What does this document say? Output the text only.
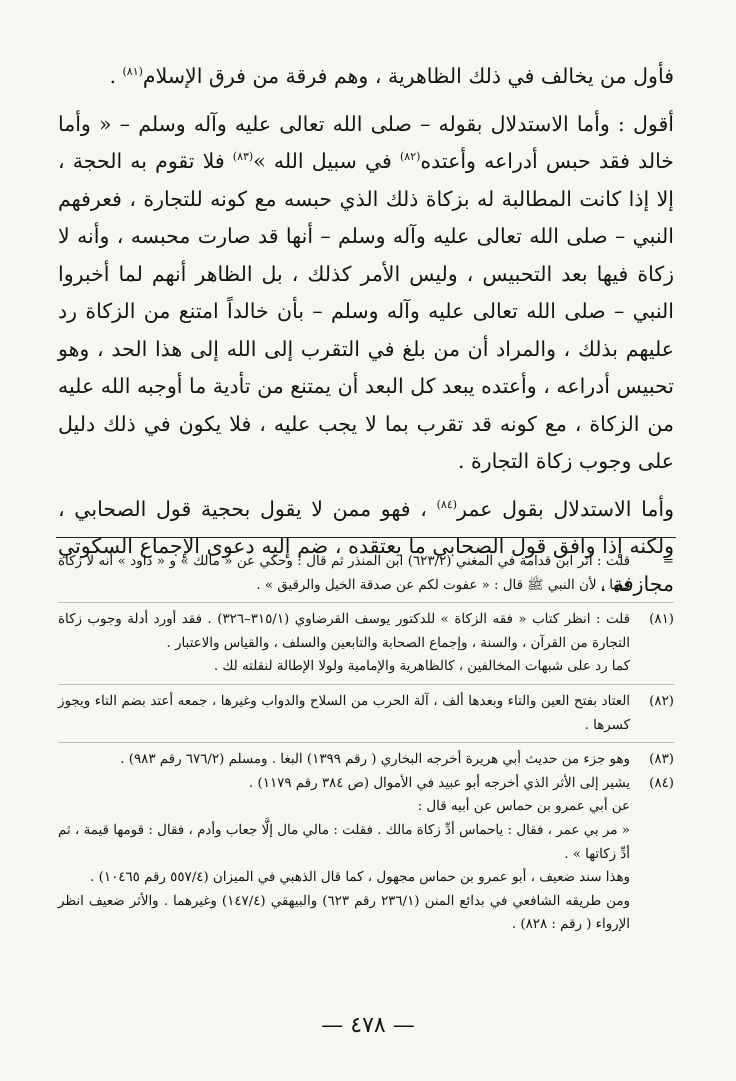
فأول من يخالف في ذلك الظاهرية ، وهم فرقة من فرق الإسلام$^{(٨١)}$ .

أقول : وأما الاستدلال بقوله – صلى الله تعالى عليه وآله وسلم – « وأما خالد فقد حبس أدراعه وأعتده$^{(٨٢)}$ في سبيل الله »$^{(٨٣)}$ فلا تقوم به الحجة ، إلا إذا كانت المطالبة له بزكاة ذلك الذي حبسه مع كونه للتجارة ، فعرفهم النبي – صلى الله تعالى عليه وآله وسلم – أنها قد صارت محبسه ، وأنه لا زكاة فيها بعد التحبيس ، وليس الأمر كذلك ، بل الظاهر أنهم لما أخبروا النبي – صلى الله تعالى عليه وآله وسلم – بأن خالداً امتنع من الزكاة رد عليهم بذلك ، والمراد أن من بلغ في التقرب إلى الله إلى هذا الحد ، وهو تحبيس أدراعه ، وأعتده يبعد كل البعد أن يمتنع من تأدية ما أوجبه الله عليه من الزكاة ، مع كونه قد تقرب بما لا يجب عليه ، فلا يكون في ذلك دليل على وجوب زكاة التجارة .

وأما الاستدلال بقول عمر$^{(٨٤)}$ ، فهو ممن لا يقول بحجية قول الصحابي ، ولكنه إذا وافق قول الصحابي ما يعتقده ، ضم إليه دعوى الإجماع السكوتي مجازفة .

=
قلت : أثر ابن قدامة في المغني (٦٢٣/٢) ابن المنذر ثم قال : وحكي عن « مالك » و « داود » أنه لا زكاة فيها ، لأن النبي ﷺ قال : « عفوت لكم عن صدقة الخيل والرقيق » .
(٨١)
قلت : انظر كتاب « فقه الزكاة » للدكتور يوسف القرضاوي (٣١٥/١–٣٢٦) . فقد أورد أدلة وجوب زكاة التجارة من القرآن ، والسنة ، وإجماع الصحابة والتابعين والسلف ، والقياس والاعتبار .
كما رد على شبهات المخالفين ، كالظاهرية والإمامية ولولا الإطالة لنقلته لك .
(٨٢)
العتاد بفتح العين والتاء وبعدها ألف ، آلة الحرب من السلاح والدواب وغيرها ، جمعه أعتد بضم التاء ويجوز كسرها .
(٨٣)
وهو جزء من حديث أبي هريرة أخرجه البخاري ( رقم ١٣٩٩) البغا . ومسلم (٦٧٦/٢ رقم ٩٨٣) .
(٨٤)
يشير إلى الأثر الذي أخرجه أبو عبيد في الأموال (ص ٣٨٤ رقم ١١٧٩) .
عن أبي عمرو بن حماس عن أبيه قال :
« مر بي عمر ، فقال : ياحماس أدِّ زكاة مالك . فقلت : مالي مال إلَّا جعاب وأدم ، فقال : قومها قيمة ، ثم أدِّ زكاتها » .
وهذا سند ضعيف ، أبو عمرو بن حماس مجهول ، كما قال الذهبي في الميزان (٥٥٧/٤ رقم ١٠٤٦٥) .
ومن طريقه الشافعي في بدائع المنن (٢٣٦/١ رقم ٦٢٣) والبيهقي (١٤٧/٤) وغيرهما . والأثر ضعيف انظر الإرواء ( رقم : ٨٢٨) .
— ٤٧٨ —
